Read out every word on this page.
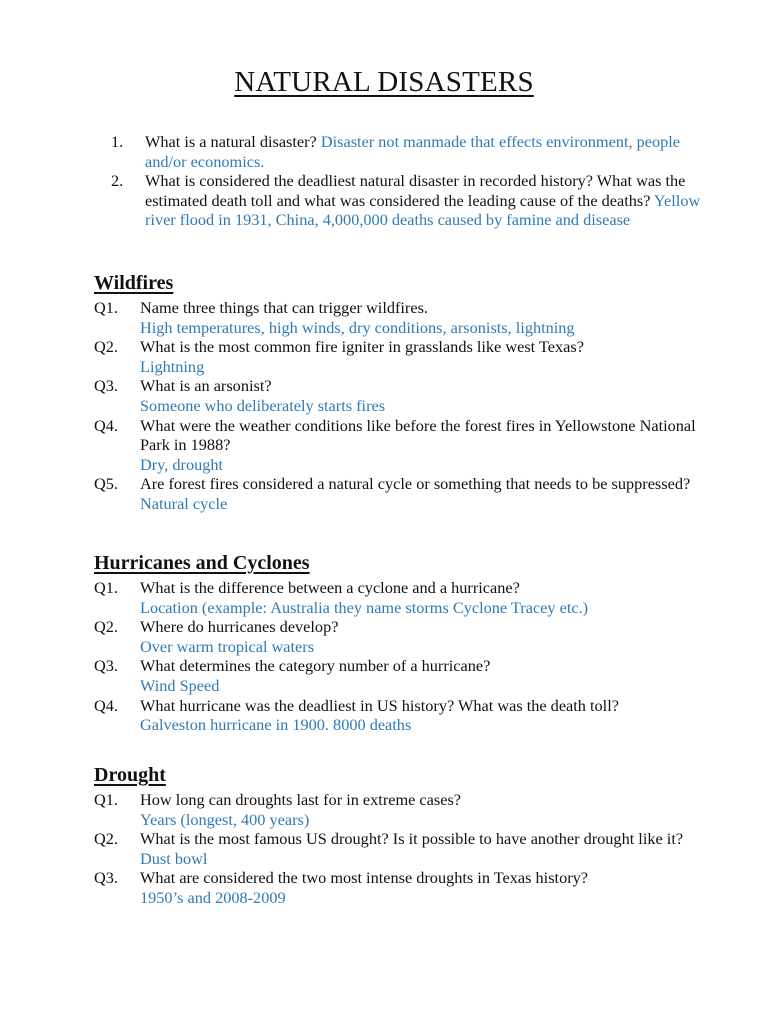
NATURAL DISASTERS
1. What is a natural disaster? Disaster not manmade that effects environment, people and/or economics.
2. What is considered the deadliest natural disaster in recorded history? What was the estimated death toll and what was considered the leading cause of the deaths? Yellow river flood in 1931, China, 4,000,000 deaths caused by famine and disease
Wildfires
Q1. Name three things that can trigger wildfires.
High temperatures, high winds, dry conditions, arsonists, lightning
Q2. What is the most common fire igniter in grasslands like west Texas?
Lightning
Q3. What is an arsonist?
Someone who deliberately starts fires
Q4. What were the weather conditions like before the forest fires in Yellowstone National Park in 1988?
Dry, drought
Q5. Are forest fires considered a natural cycle or something that needs to be suppressed?
Natural cycle
Hurricanes and Cyclones
Q1. What is the difference between a cyclone and a hurricane?
Location (example: Australia they name storms Cyclone Tracey etc.)
Q2. Where do hurricanes develop?
Over warm tropical waters
Q3. What determines the category number of a hurricane?
Wind Speed
Q4. What hurricane was the deadliest in US history? What was the death toll?
Galveston hurricane in 1900. 8000 deaths
Drought
Q1. How long can droughts last for in extreme cases?
Years (longest, 400 years)
Q2. What is the most famous US drought? Is it possible to have another drought like it?
Dust bowl
Q3. What are considered the two most intense droughts in Texas history?
1950’s and 2008-2009
